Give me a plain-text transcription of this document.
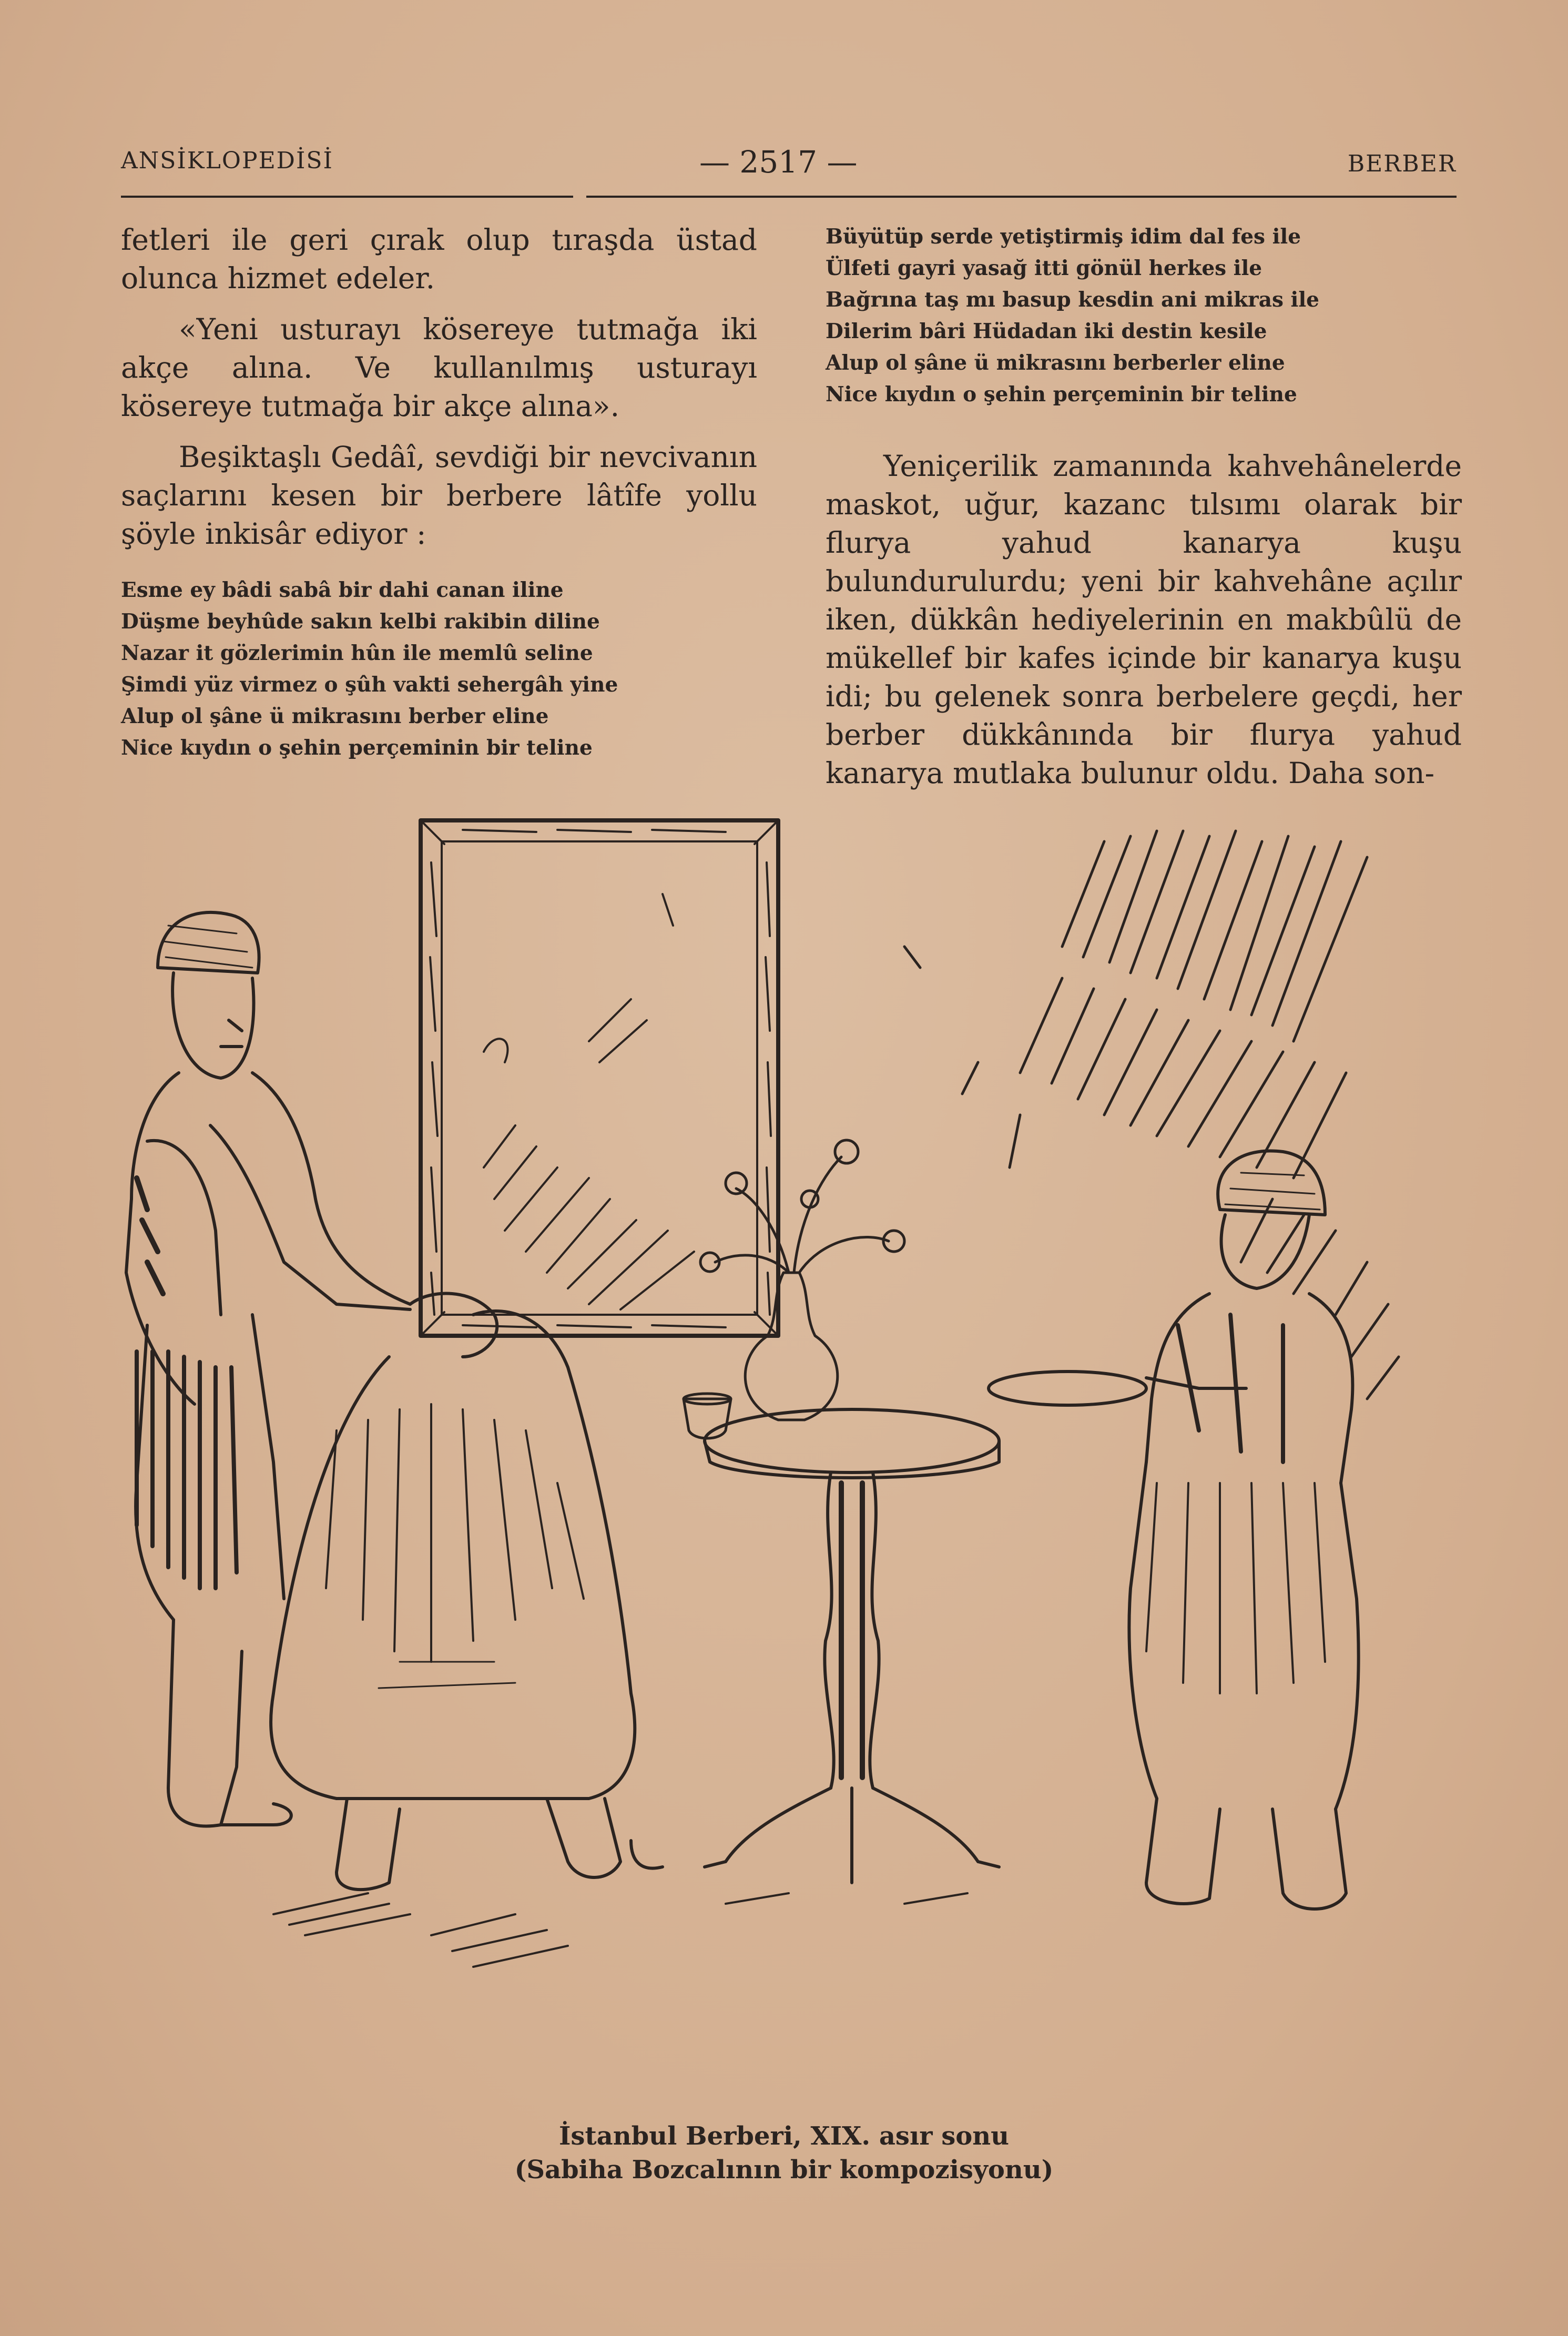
ANSİKLOPEDİSİ	— 2517 —	BERBER

fetleri ile geri çırak olup tıraşda üstad olunca hizmet edeler.

«Yeni usturayı kösereye tutmağa iki akçe alına. Ve kullanılmış usturayı kösereye tutmağa bir akçe alına».

Beşiktaşlı Gedâî, sevdiği bir nevcivanın saçlarını kesen bir berbere lâtîfe yollu şöyle inkisâr ediyor :

Esme ey bâdi sabâ bir dahi canan iline
Düşme beyhûde sakın kelbi rakibin diline
Nazar it gözlerimin hûn ile memlû seline
Şimdi yüz virmez o şûh vakti sehergâh yine
Alup ol şâne ü mikrasını berber eline
Nice kıydın o şehin perçeminin bir teline
Büyütüp serde yetiştirmiş idim dal fes ile
Ülfeti gayri yasağ itti gönül herkes ile
Bağrına taş mı basup kesdin ani mikras ile
Dilerim bâri Hüdadan iki destin kesile
Alup ol şâne ü mikrasını berberler eline
Nice kıydın o şehin perçeminin bir teline

Yeniçerilik zamanında kahvehânelerde maskot, uğur, kazanc tılsımı olarak bir flurya yahud kanarya kuşu bulundurulurdu; yeni bir kahvehâne açılır iken, dükkân hediyelerinin en makbûlü de mükellef bir kafes içinde bir kanarya kuşu idi; bu gelenek sonra berbelere geçdi, her berber dükkânında bir flurya yahud kanarya mutlaka bulunur oldu. Daha son-

İstanbul Berberi, XIX. asır sonu
(Sabiha Bozcalının bir kompozisyonu)
